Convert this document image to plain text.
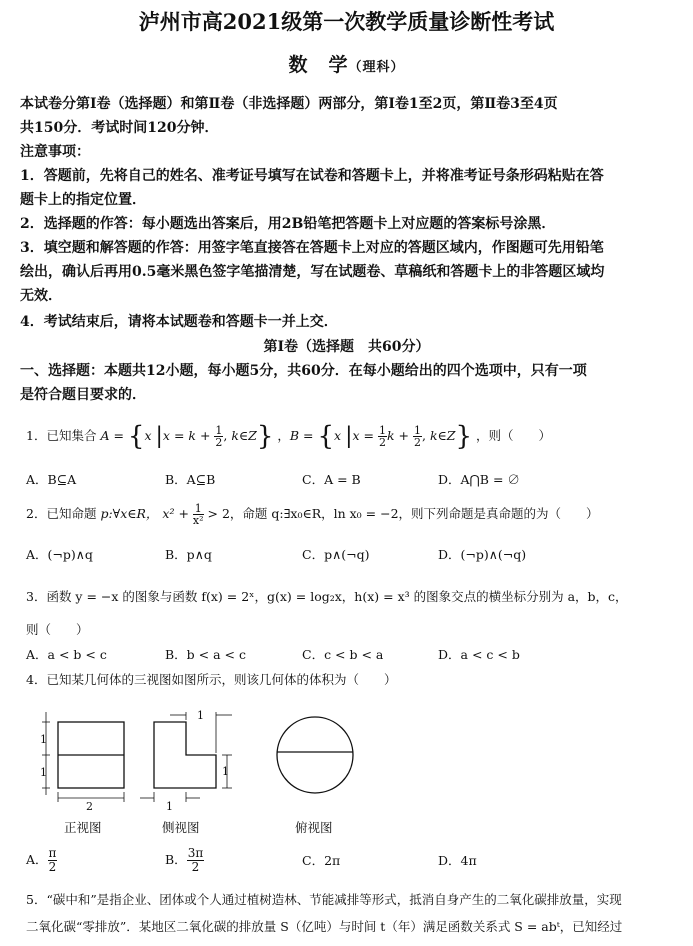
泸州市高2021级第一次教学质量诊断性考试
数　学（理科）
本试卷分第Ⅰ卷（选择题）和第Ⅱ卷（非选择题）两部分，第Ⅰ卷1至2页，第Ⅱ卷3至4页
共150分．考试时间120分钟．
注意事项：
1．答题前，先将自己的姓名、准考证号填写在试卷和答题卡上，并将准考证号条形码粘贴在答
题卡上的指定位置．
2．选择题的作答：每小题选出答案后，用2B铅笔把答题卡上对应题的答案标号涂黑．
3．填空题和解答题的作答：用签字笔直接答在答题卡上对应的答题区域内，作图题可先用铅笔
绘出，确认后再用0.5毫米黑色签字笔描清楚，写在试题卷、草稿纸和答题卡上的非答题区域均
无效．
4．考试结束后，请将本试题卷和答题卡一并上交．
第Ⅰ卷（选择题　共60分）
一、选择题：本题共12小题，每小题5分，共60分．在每小题给出的四个选项中，只有一项
是符合题目要求的．
1．已知集合 A = {x $|x = k + \frac{1}{2}$ , k∈Z} ，B = {x $|x = \frac{1}{2}$ $k + \frac{1}{2}$ , k∈Z} ，则（　　）
A．B⊆A	B．A⊆B	C．A = B	D．A⋂B = ∅
2．已知命题 p:∀x∈R， $x^2 + \frac{1}{\text{x²}} > 2$，命题 q:∃x₀∈R，ln x₀ = −2，则下列命题是真命题的为（　　）
A．(¬p)∧q	B．p∧q	C．p∧(¬q)	D．(¬p)∧(¬q)
3．函数 y = −x 的图象与函数 f(x) = 2ˣ，g(x) = log₂x，h(x) = x³ 的图象交点的横坐标分别为 a，b，c，
则（　　）
A．a < b < c	B．b < a < c	C．c < b < a	D．a < c < b
4．已知某几何体的三视图如图所示，则该几何体的体积为（　　）
1
1
2
1
1
1
正视图	侧视图	俯视图
A． $\frac{\pi}{2}$	B． $\frac{3\pi}{2}$	C．2π	D．4π
5．“碳中和”是指企业、团体或个人通过植树造林、节能减排等形式，抵消自身产生的二氧化碳排放量，实现
二氧化碳“零排放”．某地区二氧化碳的排放量 S（亿吨）与时间 t（年）满足函数关系式 S = abᵗ，已知经过
